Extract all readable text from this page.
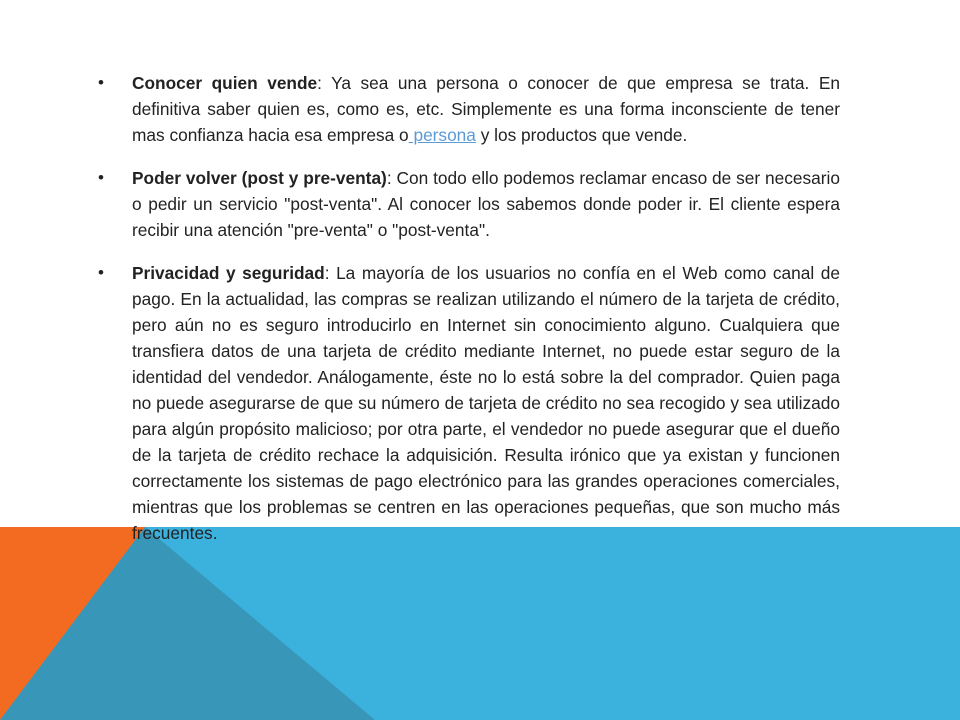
• Conocer quien vende: Ya sea una persona o conocer de que empresa se trata. En definitiva saber quien es, como es, etc. Simplemente es una forma inconsciente de tener mas confianza hacia esa empresa o persona y los productos que vende.
• Poder volver (post y pre-venta): Con todo ello podemos reclamar encaso de ser necesario o pedir un servicio "post-venta". Al conocer los sabemos donde poder ir. El cliente espera recibir una atención "pre-venta" o "post-venta".
• Privacidad y seguridad: La mayoría de los usuarios no confía en el Web como canal de pago. En la actualidad, las compras se realizan utilizando el número de la tarjeta de crédito, pero aún no es seguro introducirlo en Internet sin conocimiento alguno. Cualquiera que transfiera datos de una tarjeta de crédito mediante Internet, no puede estar seguro de la identidad del vendedor. Análogamente, éste no lo está sobre la del comprador. Quien paga no puede asegurarse de que su número de tarjeta de crédito no sea recogido y sea utilizado para algún propósito malicioso; por otra parte, el vendedor no puede asegurar que el dueño de la tarjeta de crédito rechace la adquisición. Resulta irónico que ya existan y funcionen correctamente los sistemas de pago electrónico para las grandes operaciones comerciales, mientras que los problemas se centren en las operaciones pequeñas, que son mucho más frecuentes.
